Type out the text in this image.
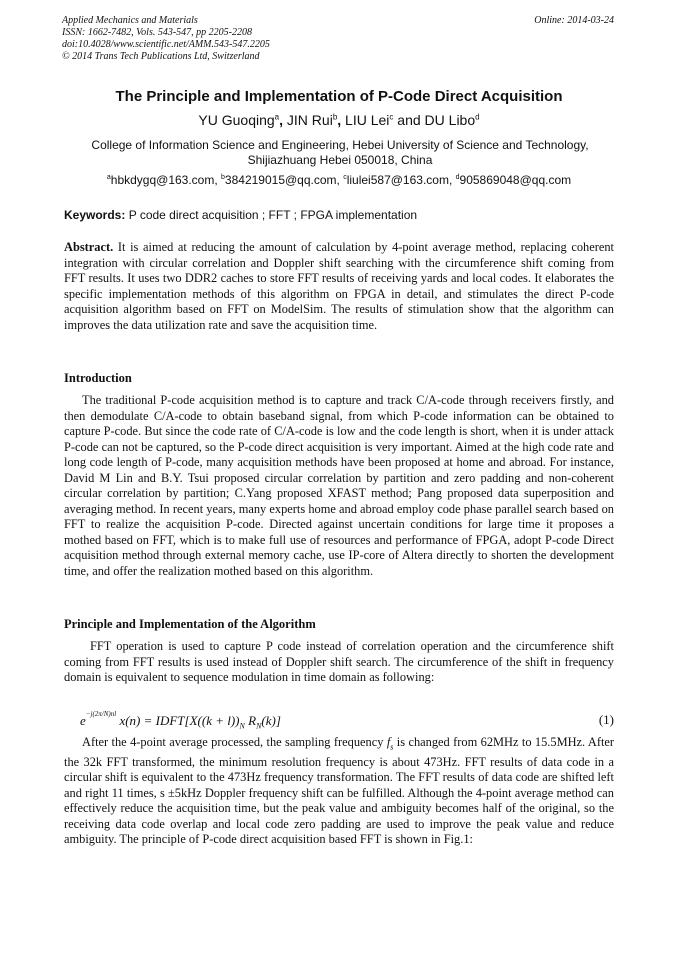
Applied Mechanics and Materials
ISSN: 1662-7482, Vols. 543-547, pp 2205-2208
doi:10.4028/www.scientific.net/AMM.543-547.2205
© 2014 Trans Tech Publications Ltd, Switzerland
Online: 2014-03-24
The Principle and Implementation of P-Code Direct Acquisition
YU Guoqing$^a$, JIN Rui$^b$, LIU Lei$^c$ and DU Libo$^d$
College of Information Science and Engineering, Hebei University of Science and Technology,
Shijiazhuang Hebei 050018, China
$^a$hbkdygq@163.com, $^b$384219015@qq.com, $^c$liulei587@163.com, $^d$905869048@qq.com
Keywords: P code direct acquisition ; FFT ; FPGA implementation
Abstract. It is aimed at reducing the amount of calculation by 4-point average method, replacing coherent integration with circular correlation and Doppler shift searching with the circumference shift coming from FFT results. It uses two DDR2 caches to store FFT results of receiving yards and local codes. It elaborates the specific implementation methods of this algorithm on FPGA in detail, and stimulates the direct P-code acquisition algorithm based on FFT on ModelSim. The results of stimulation show that the algorithm can improves the data utilization rate and save the acquisition time.
Introduction
The traditional P-code acquisition method is to capture and track C/A-code through receivers firstly, and then demodulate C/A-code to obtain baseband signal, from which P-code information can be obtained to capture P-code. But since the code rate of C/A-code is low and the code length is short, when it is under attack P-code can not be captured, so the P-code direct acquisition is very important. Aimed at the high code rate and long code length of P-code, many acquisition methods have been proposed at home and abroad. For instance, David M Lin and B.Y. Tsui proposed circular correlation by partition and zero padding and non-coherent circular correlation by partition; C.Yang proposed XFAST method; Pang proposed data superposition and averaging method. In recent years, many experts home and abroad employ code phase parallel search based on FFT to realize the acquisition P-code. Directed against uncertain conditions for large time it proposes a mothed based on FFT, which is to make full use of resources and performance of FPGA, adopt P-code Direct acquisition method through external memory cache, use IP-core of Altera directly to shorten the development time, and offer the realization mothed based on this algorithm.
Principle and Implementation of the Algorithm
FFT operation is used to capture P code instead of correlation operation and the circumference shift coming from FFT results is used instead of Doppler shift search. The circumference of the shift in frequency domain is equivalent to sequence modulation in time domain as following:
$e^{-j(2\pi/N)nl}$ x(n) = IDFT[X((k + $l))_N$ $R_N(k)$]	(1)
After the 4-point average processed, the sampling frequency $f_s$ is changed from 62MHz to 15.5MHz. After the 32k FFT transformed, the minimum resolution frequency is about 473Hz. FFT results of data code in a circular shift is equivalent to the 473Hz frequency transformation. The FFT results of data code are shifted left and right 11 times, s ±5kHz Doppler frequency shift can be fulfilled. Although the 4-point average method can effectively reduce the acquisition time, but the peak value and ambiguity becomes half of the original, so the receiving data code overlap and local code zero padding are used to improve the peak value and reduce ambiguity. The principle of P-code direct acquisition based FFT is shown in Fig.1:
